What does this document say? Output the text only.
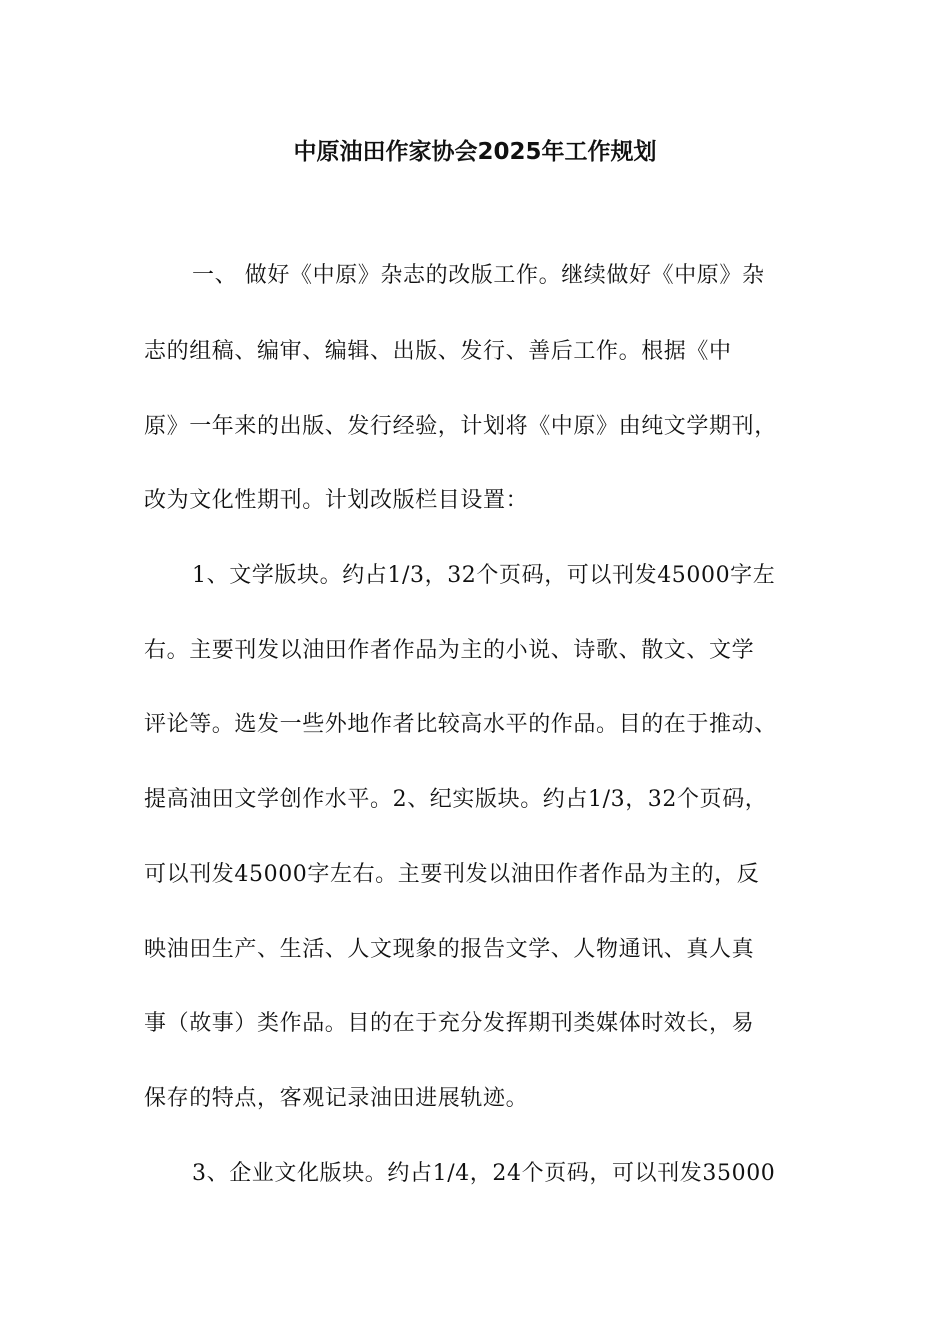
中原油田作家协会2025年工作规划

一、 做好《中原》杂志的改版工作。继续做好《中原》杂

志的组稿、编审、编辑、出版、发行、善后工作。根据《中

原》一年来的出版、发行经验，计划将《中原》由纯文学期刊，

改为文化性期刊。计划改版栏目设置：

1、文学版块。约占1/3，32个页码，可以刊发45000字左

右。主要刊发以油田作者作品为主的小说、诗歌、散文、文学

评论等。选发一些外地作者比较高水平的作品。目的在于推动、

提高油田文学创作水平。2、纪实版块。约占1/3，32个页码，

可以刊发45000字左右。主要刊发以油田作者作品为主的，反

映油田生产、生活、人文现象的报告文学、人物通讯、真人真

事（故事）类作品。目的在于充分发挥期刊类媒体时效长，易

保存的特点，客观记录油田进展轨迹。

3、企业文化版块。约占1/4，24个页码，可以刊发35000
